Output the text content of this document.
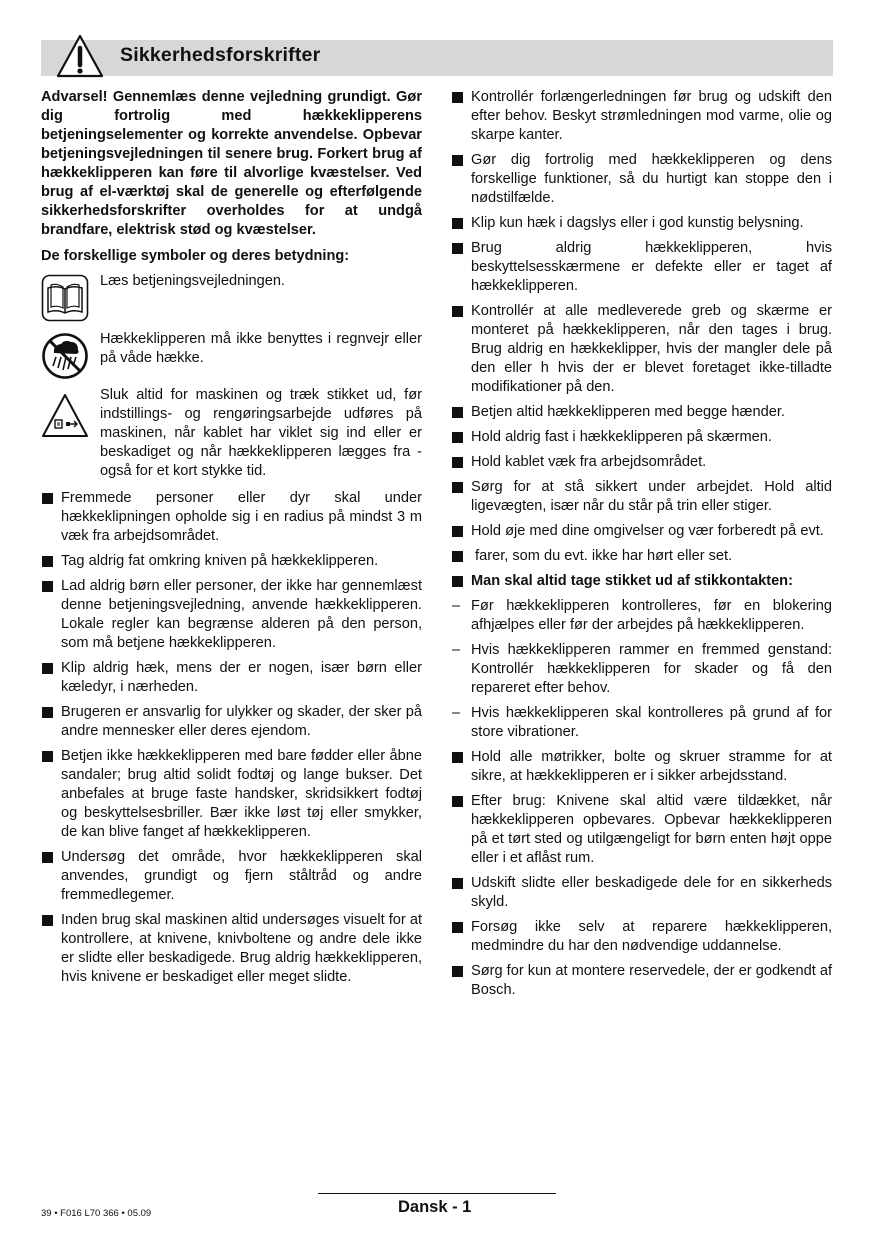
Sikkerhedsforskrifter

Advarsel! Gennemlæs denne vejledning grundigt. Gør dig fortrolig med hækkeklipperens betjeningselementer og korrekte anvendelse. Opbevar betjeningsvejledningen til senere brug. Forkert brug af hækkeklipperen kan føre til alvorlige kvæstelser. Ved brug af el-værktøj skal de generelle og efterfølgende sikkerhedsforskrifter overholdes for at undgå brandfare, elektrisk stød og kvæstelser.

De forskellige symboler og deres betydning:

Læs betjeningsvejledningen.

Hækkeklipperen må ikke benyttes i regnvejr eller på våde hække.

Sluk altid for maskinen og træk stikket ud, før indstillings- og rengøringsarbejde udføres på maskinen, når kablet har viklet sig ind eller er beskadiget og når hækkeklipperen lægges fra - også for et kort stykke tid.

Fremmede personer eller dyr skal under hækkeklipningen opholde sig i en radius på mindst 3 m væk fra arbejdsområdet.

Tag aldrig fat omkring kniven på hækkeklipperen.

Lad aldrig børn eller personer, der ikke har gennemlæst denne betjeningsvejledning, anvende hækkeklipperen. Lokale regler kan begrænse alderen på den person, som må betjene hækkeklipperen.

Klip aldrig hæk, mens der er nogen, især børn eller kæledyr, i nærheden.

Brugeren er ansvarlig for ulykker og skader, der sker på andre mennesker eller deres ejendom.

Betjen ikke hækkeklipperen med bare fødder eller åbne sandaler; brug altid solidt fodtøj og lange bukser. Det anbefales at bruge faste handsker, skridsikkert fodtøj og beskyttelsesbriller. Bær ikke løst tøj eller smykker, de kan blive fanget af hækkeklipperen.

Undersøg det område, hvor hækkeklipperen skal anvendes, grundigt og fjern ståltråd og andre fremmedlegemer.

Inden brug skal maskinen altid undersøges visuelt for at kontrollere, at knivene, knivboltene og andre dele ikke er slidte eller beskadigede. Brug aldrig hækkeklipperen, hvis knivene er beskadiget eller meget slidte.

Kontrollér forlængerledningen før brug og udskift den efter behov. Beskyt strømledningen mod varme, olie og skarpe kanter.

Gør dig fortrolig med hækkeklipperen og dens forskellige funktioner, så du hurtigt kan stoppe den i nødstilfælde.

Klip kun hæk i dagslys eller i god kunstig belysning.

Brug aldrig hækkeklipperen, hvis beskyttelsesskærmene er defekte eller er taget af hækkeklipperen.

Kontrollér at alle medleverede greb og skærme er monteret på hækkeklipperen, når den tages i brug. Brug aldrig en hækkeklipper, hvis der mangler dele på den eller h hvis der er blevet foretaget ikke-tilladte modifikationer på den.

Betjen altid hækkeklipperen med begge hænder.

Hold aldrig fast i hækkeklipperen på skærmen.

Hold kablet væk fra arbejdsområdet.

Sørg for at stå sikkert under arbejdet. Hold altid ligevægten, især når du står på trin eller stiger.

Hold øje med dine omgivelser og vær forberedt på evt.

farer, som du evt. ikke har hørt eller set.

Man skal altid tage stikket ud af stikkontakten:

– Før hækkeklipperen kontrolleres, før en blokering afhjælpes eller før der arbejdes på hækkeklipperen.

– Hvis hækkeklipperen rammer en fremmed genstand: Kontrollér hækkeklipperen for skader og få den repareret efter behov.

– Hvis hækkeklipperen skal kontrolleres på grund af for store vibrationer.

Hold alle møtrikker, bolte og skruer stramme for at sikre, at hækkeklipperen er i sikker arbejdsstand.

Efter brug: Knivene skal altid være tildækket, når hækkeklipperen opbevares. Opbevar hækkeklipperen på et tørt sted og utilgængeligt for børn enten højt oppe eller i et aflåst rum.

Udskift slidte eller beskadigede dele for en sikkerheds skyld.

Forsøg ikke selv at reparere hækkeklipperen, medmindre du har den nødvendige uddannelse.

Sørg for kun at montere reservedele, der er godkendt af Bosch.

39 • F016 L70 366 • 05.09	Dansk - 1
